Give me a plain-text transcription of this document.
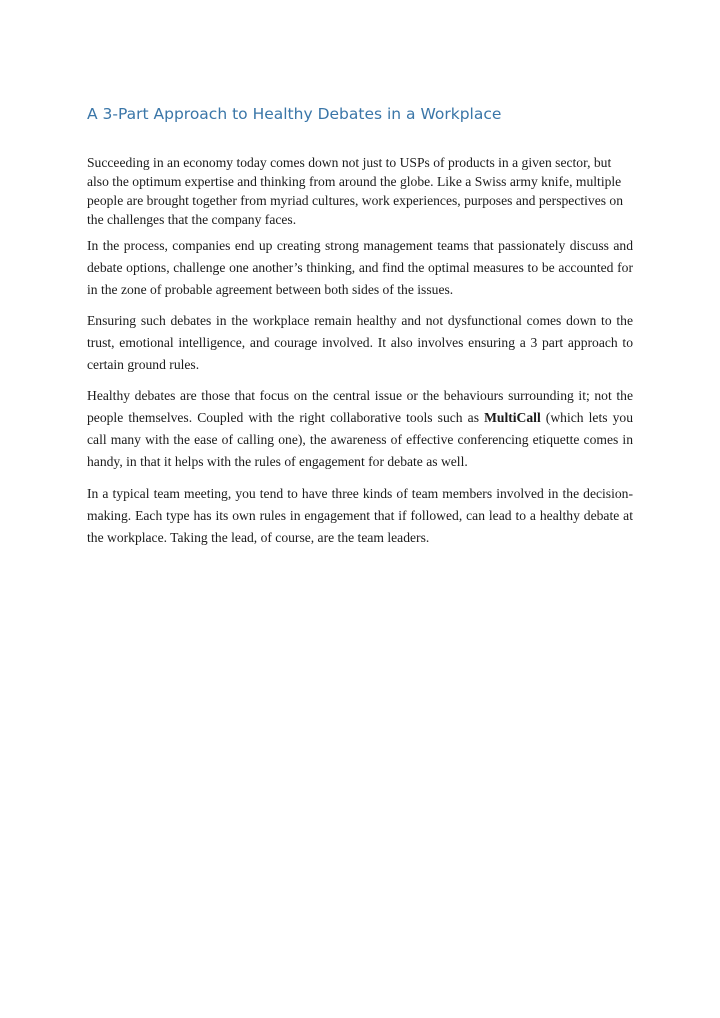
A 3-Part Approach to Healthy Debates in a Workplace

Succeeding in an economy today comes down not just to USPs of products in a given sector, but also the optimum expertise and thinking from around the globe. Like a Swiss army knife, multiple people are brought together from myriad cultures, work experiences, purposes and perspectives on the challenges that the company faces.

In the process, companies end up creating strong management teams that passionately discuss and debate options, challenge one another’s thinking, and find the optimal measures to be accounted for in the zone of probable agreement between both sides of the issues.

Ensuring such debates in the workplace remain healthy and not dysfunctional comes down to the trust, emotional intelligence, and courage involved. It also involves ensuring a 3 part approach to certain ground rules.

Healthy debates are those that focus on the central issue or the behaviours surrounding it; not the people themselves. Coupled with the right collaborative tools such as MultiCall (which lets you call many with the ease of calling one), the awareness of effective conferencing etiquette comes in handy, in that it helps with the rules of engagement for debate as well.

In a typical team meeting, you tend to have three kinds of team members involved in the decision-making. Each type has its own rules in engagement that if followed, can lead to a healthy debate at the workplace. Taking the lead, of course, are the team leaders.
